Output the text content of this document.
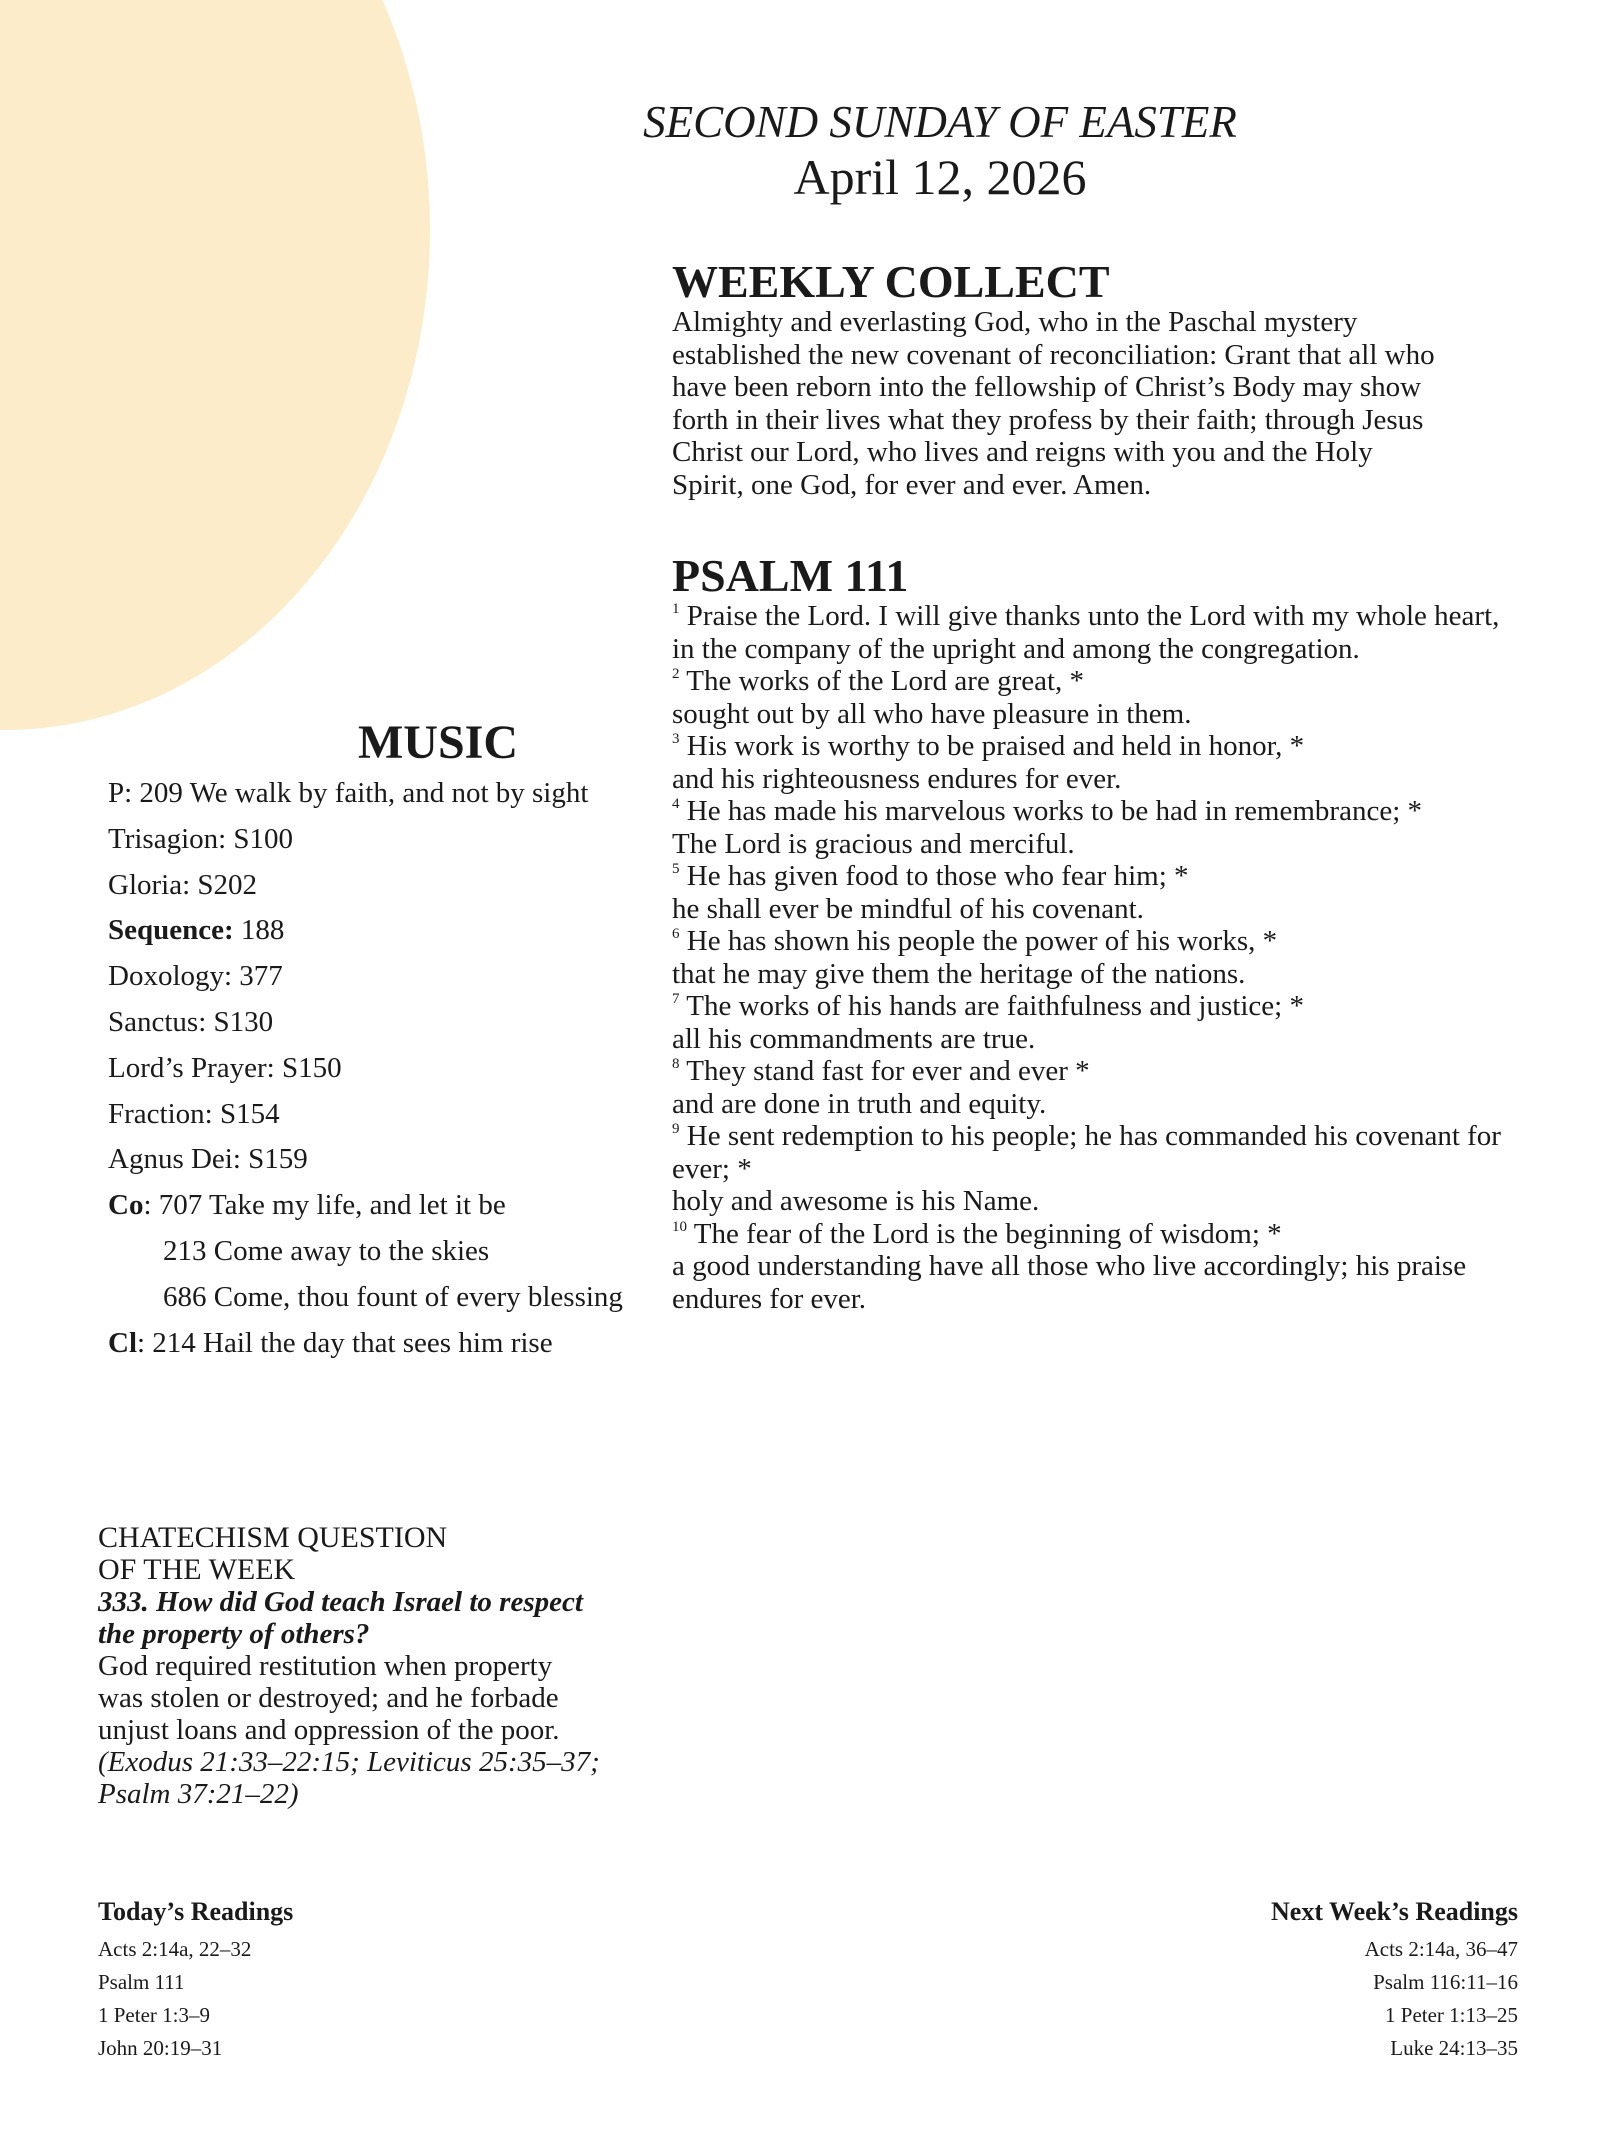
SECOND SUNDAY OF EASTER

April 12, 2026

WEEKLY COLLECT

Almighty and everlasting God, who in the Paschal mystery

established the new covenant of reconciliation: Grant that all who

have been reborn into the fellowship of Christ’s Body may show

forth in their lives what they profess by their faith; through Jesus

Christ our Lord, who lives and reigns with you and the Holy

Spirit, one God, for ever and ever. Amen.

PSALM 111

$^1$ Praise the Lord. I will give thanks unto the Lord with my whole heart,

in the company of the upright and among the congregation.

$^2$ The works of the Lord are great, *

sought out by all who have pleasure in them.

$^3$ His work is worthy to be praised and held in honor, *

and his righteousness endures for ever.

$^4$ He has made his marvelous works to be had in remembrance; *

The Lord is gracious and merciful.

$^5$ He has given food to those who fear him; *

he shall ever be mindful of his covenant.

$^6$ He has shown his people the power of his works, *

that he may give them the heritage of the nations.

$^7$ The works of his hands are faithfulness and justice; *

all his commandments are true.

$^8$ They stand fast for ever and ever *

and are done in truth and equity.

$^9$ He sent redemption to his people; he has commanded his covenant for

ever; *

holy and awesome is his Name.

$^{10}$ The fear of the Lord is the beginning of wisdom; *

a good understanding have all those who live accordingly; his praise

endures for ever.

MUSIC
P: 209 We walk by faith, and not by sight
Trisagion: S100
Gloria: S202
Sequence: 188
Doxology: 377
Sanctus: S130
Lord’s Prayer: S150
Fraction: S154
Agnus Dei: S159
Co: 707 Take my life, and let it be
213 Come away to the skies
686 Come, thou fount of every blessing
Cl: 214 Hail the day that sees him rise

CHATECHISM QUESTION

OF THE WEEK

333. How did God teach Israel to respect

the property of others?

God required restitution when property

was stolen or destroyed; and he forbade

unjust loans and oppression of the poor.

(Exodus 21:33–22:15; Leviticus 25:35–37;

Psalm 37:21–22)

Today’s Readings

Acts 2:14a, 22–32
Psalm 111
1 Peter 1:3–9
John 20:19–31

Next Week’s Readings

Acts 2:14a, 36–47
Psalm 116:11–16
1 Peter 1:13–25
Luke 24:13–35
